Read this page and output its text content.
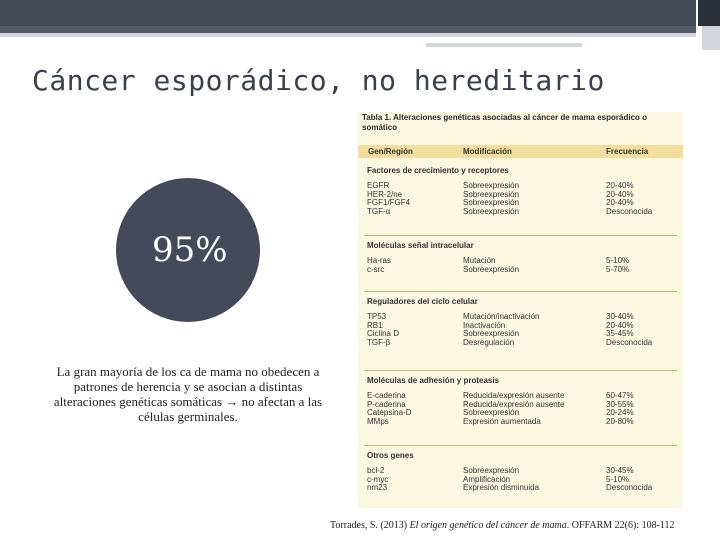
Cáncer esporádico, no hereditario
95%
La gran mayoría de los ca de mama no obedecen a patrones de herencia y se asocian a distintas alteraciones genéticas somáticas → no afectan a las células germinales.
Tabla 1. Alteraciones genéticas asociadas al cáncer de mama esporádico o somático
Gen/Región	Modificación	Frecuencia
Factores de crecimiento y receptores
EGFR	Sobreexpresión	20-40%
HER-2/ne	Sobreexpresión	20-40%
FGF1/FGF4	Sobreexpresión	20-40%
TGF-α	Sobreexpresión	Desconocida
Moléculas señal intracelular
Ha-ras	Mutación	5-10%
c-src	Sobreexpresión	5-70%
Reguladores del ciclo celular
TP53	Mutación/inactivación	30-40%
RB1	Inactivación	20-40%
Ciclina D	Sobreexpresión	35-45%
TGF-β	Desregulación	Desconocida
Moléculas de adhesión y proteasis
E-caderina	Reducida/expresión ausente	60-47%
P-caderina	Reducida/expresión ausente	30-55%
Catepsina-D	Sobreexpresión	20-24%
MMps	Expresión aumentada	20-80%
Otros genes
bcl-2	Sobreexpresión	30-45%
c-myc	Amplificación	5-10%
nm23	Expresión disminuida	Desconocida
Torrades, S. (2013) El origen genético del cáncer de mama. OFFARM 22(6): 108-112
